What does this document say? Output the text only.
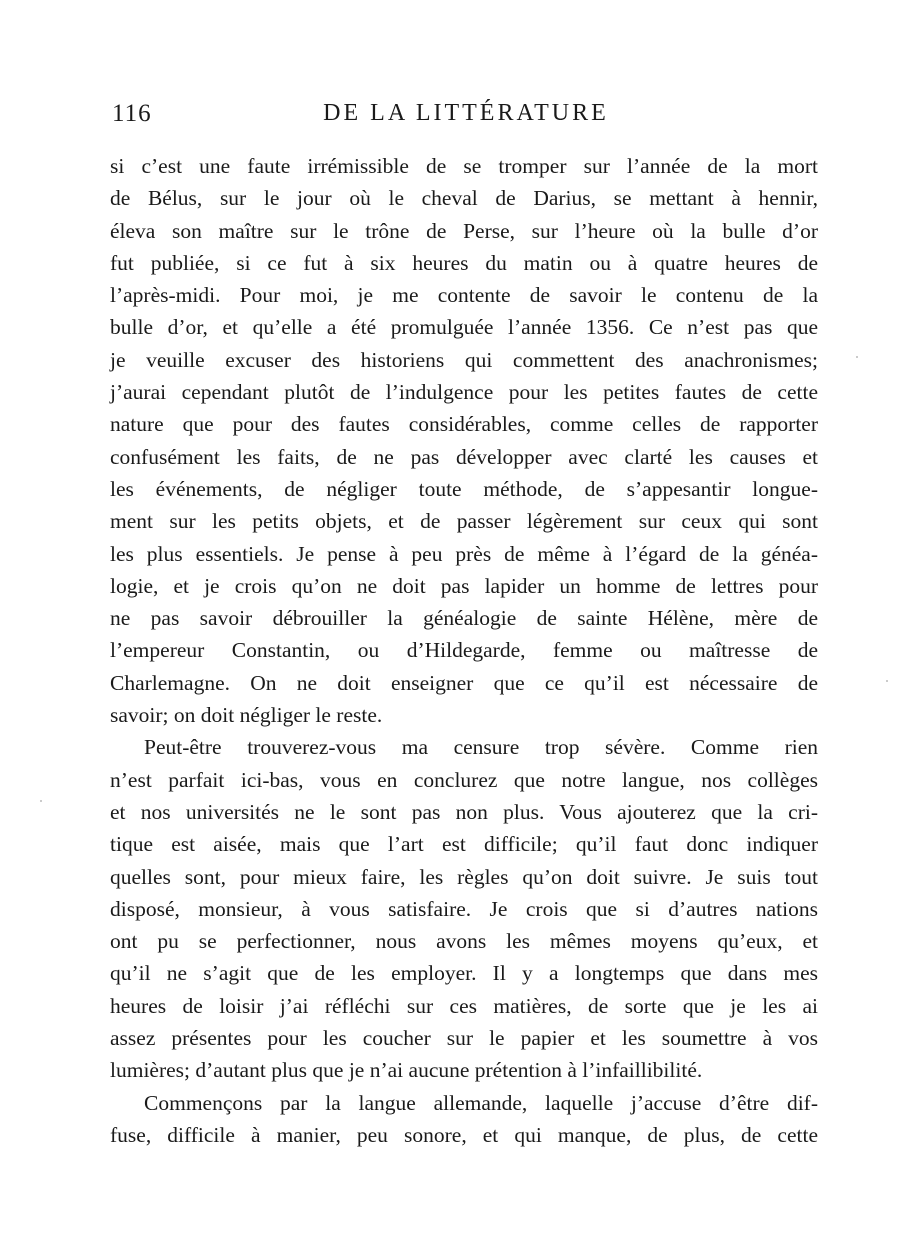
116	DE LA LITTÉRATURE

si c’est une faute irrémissible de se tromper sur l’année de la mort
de Bélus, sur le jour où le cheval de Darius, se mettant à hennir,
éleva son maître sur le trône de Perse, sur l’heure où la bulle d’or
fut publiée, si ce fut à six heures du matin ou à quatre heures de
l’après-midi. Pour moi, je me contente de savoir le contenu de la
bulle d’or, et qu’elle a été promulguée l’année 1356. Ce n’est pas que
je veuille excuser des historiens qui commettent des anachronismes;
j’aurai cependant plutôt de l’indulgence pour les petites fautes de cette
nature que pour des fautes considérables, comme celles de rapporter
confusément les faits, de ne pas développer avec clarté les causes et
les événements, de négliger toute méthode, de s’appesantir longue-
ment sur les petits objets, et de passer légèrement sur ceux qui sont
les plus essentiels. Je pense à peu près de même à l’égard de la généa-
logie, et je crois qu’on ne doit pas lapider un homme de lettres pour
ne pas savoir débrouiller la généalogie de sainte Hélène, mère de
l’empereur Constantin, ou d’Hildegarde, femme ou maîtresse de
Charlemagne. On ne doit enseigner que ce qu’il est nécessaire de
savoir; on doit négliger le reste.

Peut-être trouverez-vous ma censure trop sévère. Comme rien
n’est parfait ici-bas, vous en conclurez que notre langue, nos collèges
et nos universités ne le sont pas non plus. Vous ajouterez que la cri-
tique est aisée, mais que l’art est difficile; qu’il faut donc indiquer
quelles sont, pour mieux faire, les règles qu’on doit suivre. Je suis tout
disposé, monsieur, à vous satisfaire. Je crois que si d’autres nations
ont pu se perfectionner, nous avons les mêmes moyens qu’eux, et
qu’il ne s’agit que de les employer. Il y a longtemps que dans mes
heures de loisir j’ai réfléchi sur ces matières, de sorte que je les ai
assez présentes pour les coucher sur le papier et les soumettre à vos
lumières; d’autant plus que je n’ai aucune prétention à l’infaillibilité.

Commençons par la langue allemande, laquelle j’accuse d’être dif-
fuse, difficile à manier, peu sonore, et qui manque, de plus, de cette
